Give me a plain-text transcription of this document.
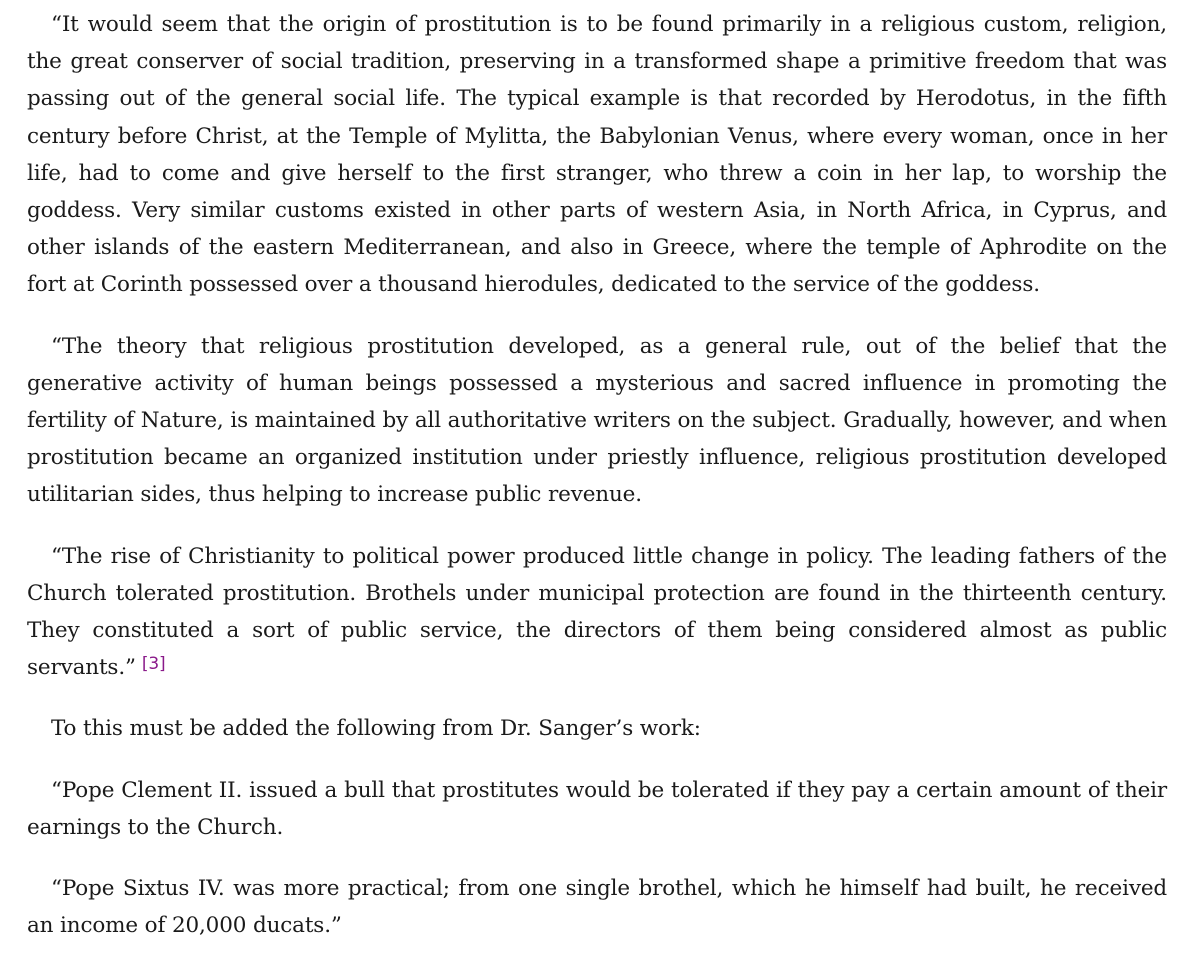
“It would seem that the origin of prostitution is to be found primarily in a religious custom, religion, the great conserver of social tradition, preserving in a transformed shape a primitive freedom that was passing out of the general social life. The typical example is that recorded by Herodotus, in the fifth century before Christ, at the Temple of Mylitta, the Babylonian Venus, where every woman, once in her life, had to come and give herself to the first stranger, who threw a coin in her lap, to worship the goddess. Very similar customs existed in other parts of western Asia, in North Africa, in Cyprus, and other islands of the eastern Mediterranean, and also in Greece, where the temple of Aphrodite on the fort at Corinth possessed over a thousand hierodules, dedicated to the service of the goddess.

“The theory that religious prostitution developed, as a general rule, out of the belief that the generative activity of human beings possessed a mysterious and sacred influence in promoting the fertility of Nature, is maintained by all authoritative writers on the subject. Gradually, however, and when prostitution became an organized institution under priestly influence, religious prostitution developed utilitarian sides, thus helping to increase public revenue.

“The rise of Christianity to political power produced little change in policy. The leading fathers of the Church tolerated prostitution. Brothels under municipal protection are found in the thirteenth century. They constituted a sort of public service, the directors of them being considered almost as public servants.” [3]

To this must be added the following from Dr. Sanger’s work:

“Pope Clement II. issued a bull that prostitutes would be tolerated if they pay a certain amount of their earnings to the Church.

“Pope Sixtus IV. was more practical; from one single brothel, which he himself had built, he received an income of 20,000 ducats.”
